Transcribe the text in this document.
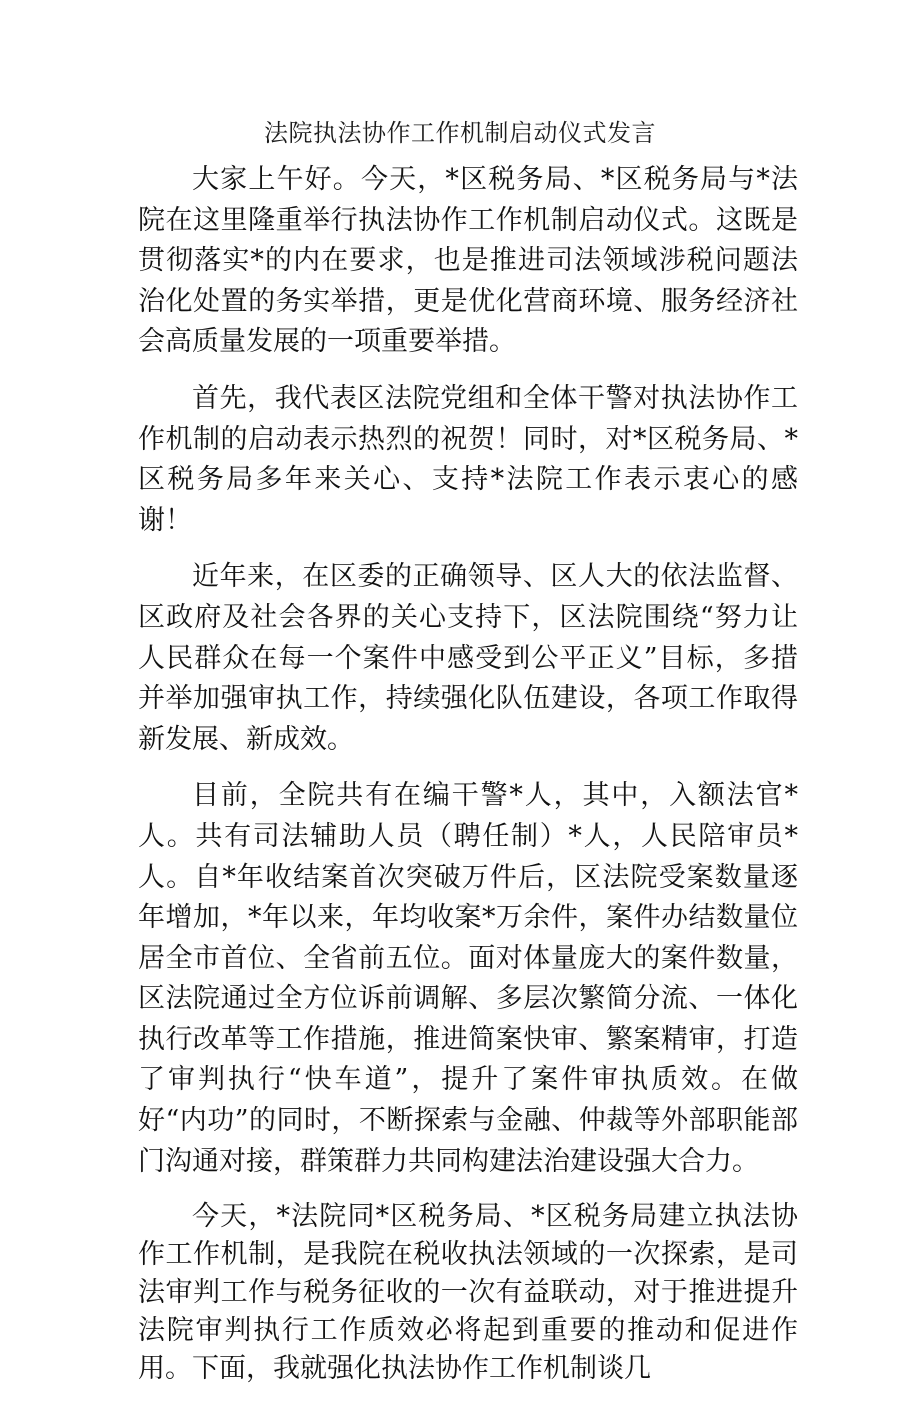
法院执法协作工作机制启动仪式发言

大家上午好。今天，*区税务局、*区税务局与*法院在这里隆重举行执法协作工作机制启动仪式。这既是贯彻落实*的内在要求，也是推进司法领域涉税问题法治化处置的务实举措，更是优化营商环境、服务经济社会高质量发展的一项重要举措。

首先，我代表区法院党组和全体干警对执法协作工作机制的启动表示热烈的祝贺！同时，对*区税务局、*区税务局多年来关心、支持*法院工作表示衷心的感谢！

近年来，在区委的正确领导、区人大的依法监督、区政府及社会各界的关心支持下，区法院围绕“努力让人民群众在每一个案件中感受到公平正义”目标，多措并举加强审执工作，持续强化队伍建设，各项工作取得新发展、新成效。

目前，全院共有在编干警*人，其中，入额法官*人。共有司法辅助人员（聘任制）*人，人民陪审员*人。自*年收结案首次突破万件后，区法院受案数量逐年增加，*年以来，年均收案*万余件，案件办结数量位居全市首位、全省前五位。面对体量庞大的案件数量，区法院通过全方位诉前调解、多层次繁简分流、一体化执行改革等工作措施，推进简案快审、繁案精审，打造了审判执行“快车道”，提升了案件审执质效。在做好“内功”的同时，不断探索与金融、仲裁等外部职能部门沟通对接，群策群力共同构建法治建设强大合力。

今天，*法院同*区税务局、*区税务局建立执法协作工作机制，是我院在税收执法领域的一次探索，是司法审判工作与税务征收的一次有益联动，对于推进提升法院审判执行工作质效必将起到重要的推动和促进作用。下面，我就强化执法协作工作机制谈几
